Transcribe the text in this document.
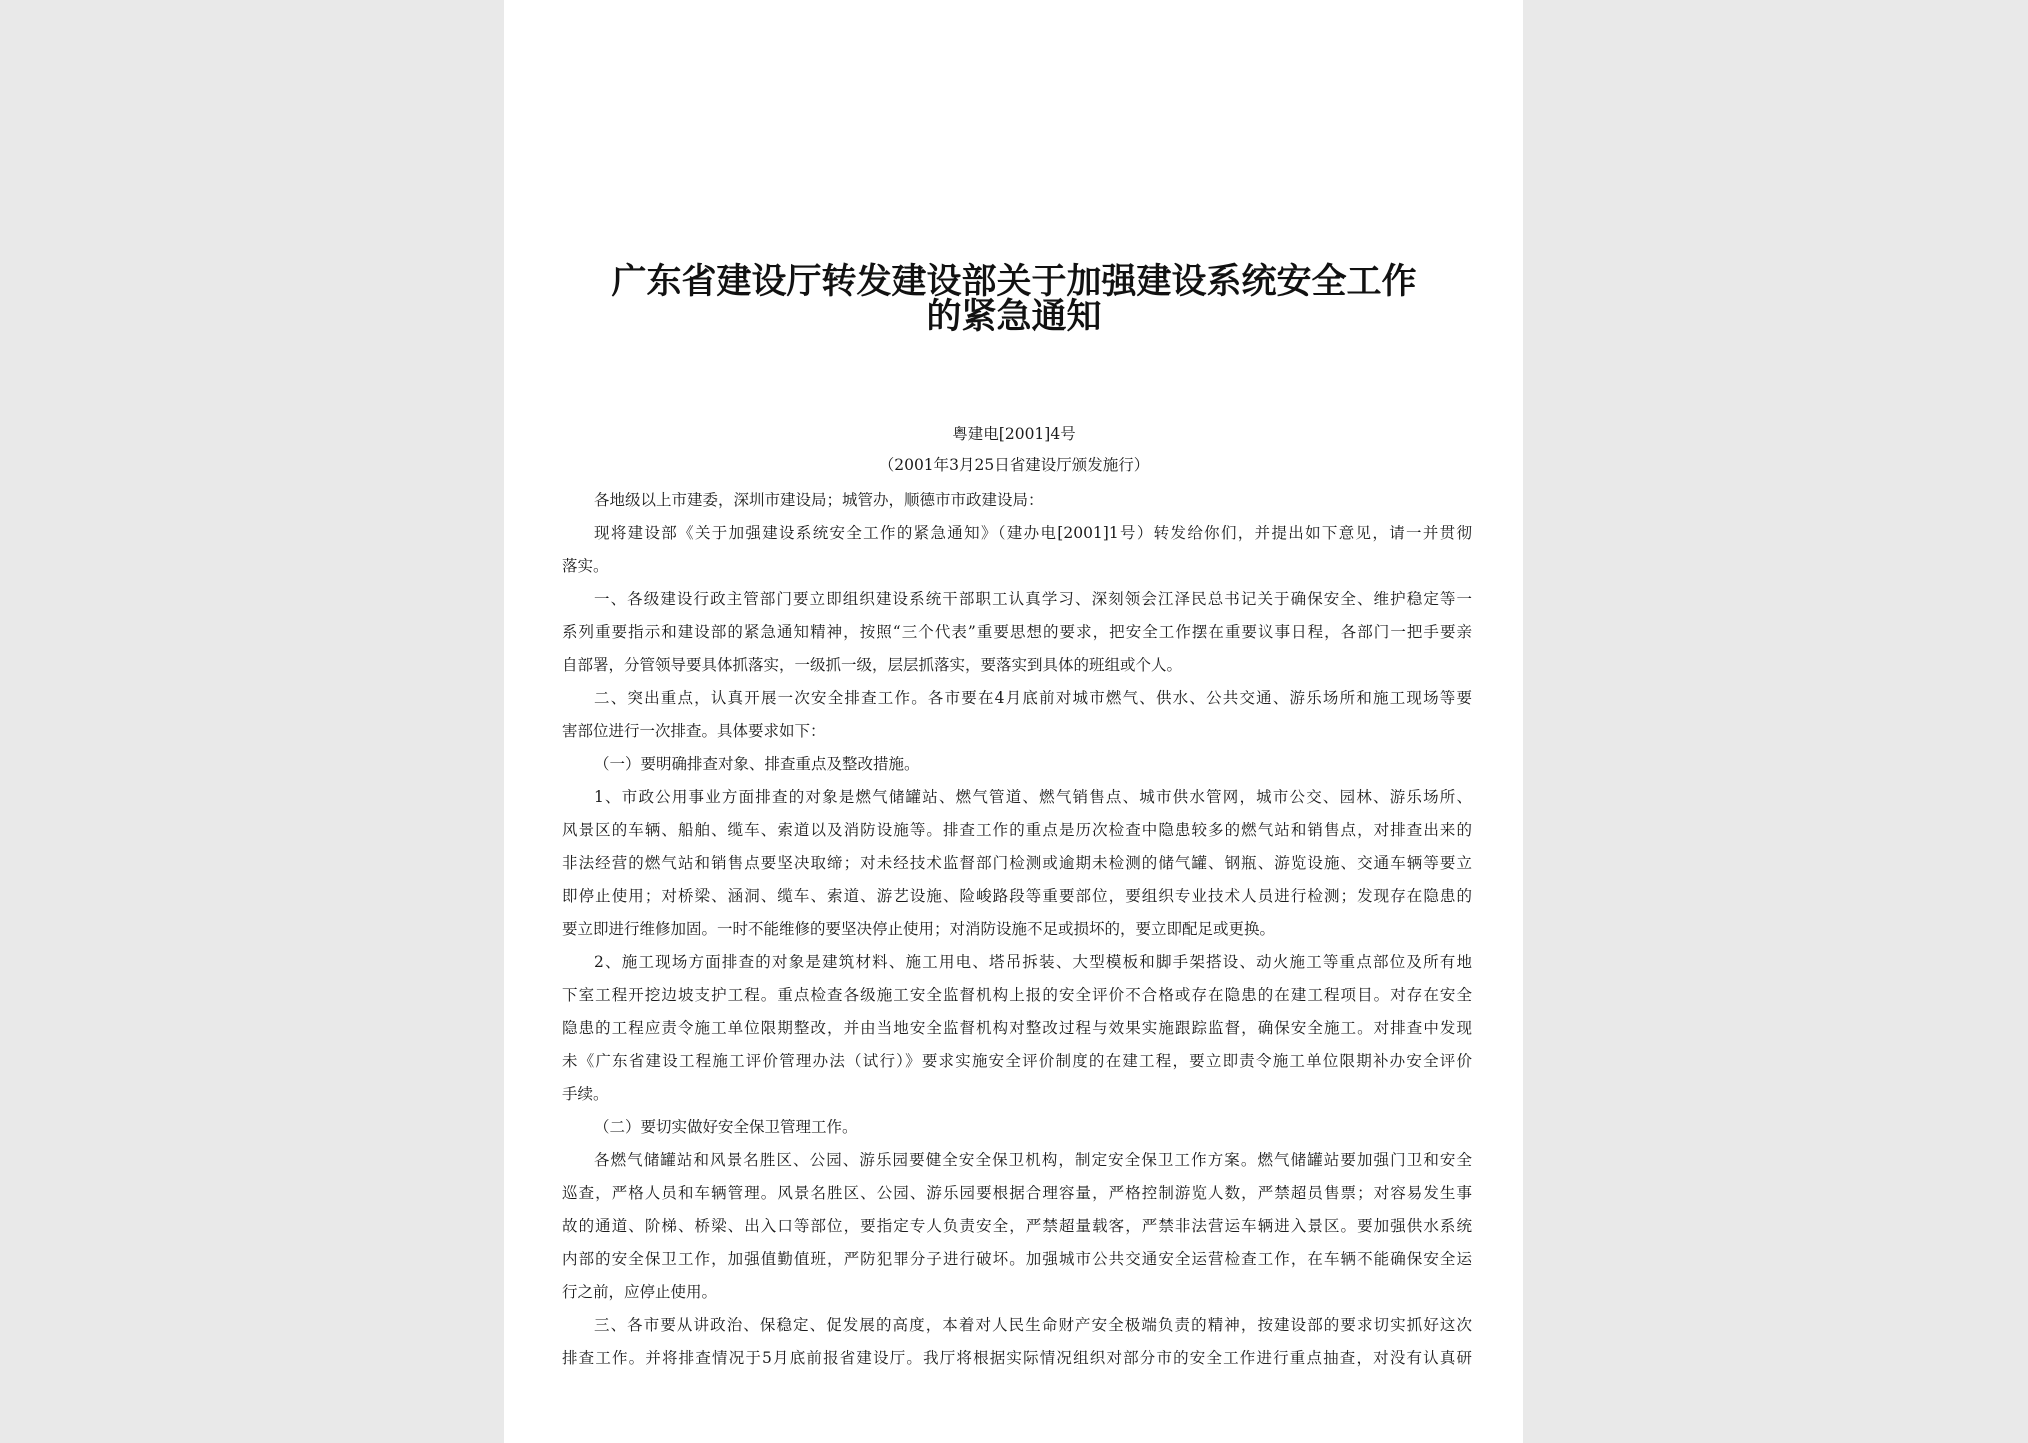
广东省建设厅转发建设部关于加强建设系统安全工作
的紧急通知
粤建电[2001]4号
（2001年3月25日省建设厅颁发施行）
各地级以上市建委，深圳市建设局；城管办，顺德市市政建设局：
现将建设部《关于加强建设系统安全工作的紧急通知》（建办电[2001]1号）转发给你们，并提出如下意见，请一并贯彻
落实。
一、各级建设行政主管部门要立即组织建设系统干部职工认真学习、深刻领会江泽民总书记关于确保安全、维护稳定等一
系列重要指示和建设部的紧急通知精神，按照“三个代表”重要思想的要求，把安全工作摆在重要议事日程，各部门一把手要亲
自部署，分管领导要具体抓落实，一级抓一级，层层抓落实，要落实到具体的班组或个人。
二、突出重点，认真开展一次安全排查工作。各市要在4月底前对城市燃气、供水、公共交通、游乐场所和施工现场等要
害部位进行一次排查。具体要求如下：
（一）要明确排查对象、排查重点及整改措施。
1、市政公用事业方面排查的对象是燃气储罐站、燃气管道、燃气销售点、城市供水管网，城市公交、园林、游乐场所、
风景区的车辆、船舶、缆车、索道以及消防设施等。排查工作的重点是历次检查中隐患较多的燃气站和销售点，对排查出来的
非法经营的燃气站和销售点要坚决取缔；对未经技术监督部门检测或逾期未检测的储气罐、钢瓶、游览设施、交通车辆等要立
即停止使用；对桥梁、涵洞、缆车、索道、游艺设施、险峻路段等重要部位，要组织专业技术人员进行检测；发现存在隐患的
要立即进行维修加固。一时不能维修的要坚决停止使用；对消防设施不足或损坏的，要立即配足或更换。
2、施工现场方面排查的对象是建筑材料、施工用电、塔吊拆装、大型模板和脚手架搭设、动火施工等重点部位及所有地
下室工程开挖边坡支护工程。重点检查各级施工安全监督机构上报的安全评价不合格或存在隐患的在建工程项目。对存在安全
隐患的工程应责令施工单位限期整改，并由当地安全监督机构对整改过程与效果实施跟踪监督，确保安全施工。对排查中发现
未《广东省建设工程施工评价管理办法（试行）》要求实施安全评价制度的在建工程，要立即责令施工单位限期补办安全评价
手续。
（二）要切实做好安全保卫管理工作。
各燃气储罐站和风景名胜区、公园、游乐园要健全安全保卫机构，制定安全保卫工作方案。燃气储罐站要加强门卫和安全
巡查，严格人员和车辆管理。风景名胜区、公园、游乐园要根据合理容量，严格控制游览人数，严禁超员售票；对容易发生事
故的通道、阶梯、桥梁、出入口等部位，要指定专人负责安全，严禁超量载客，严禁非法营运车辆进入景区。要加强供水系统
内部的安全保卫工作，加强值勤值班，严防犯罪分子进行破坏。加强城市公共交通安全运营检查工作，在车辆不能确保安全运
行之前，应停止使用。
三、各市要从讲政治、保稳定、促发展的高度，本着对人民生命财产安全极端负责的精神，按建设部的要求切实抓好这次
排查工作。并将排查情况于5月底前报省建设厅。我厅将根据实际情况组织对部分市的安全工作进行重点抽查，对没有认真研
